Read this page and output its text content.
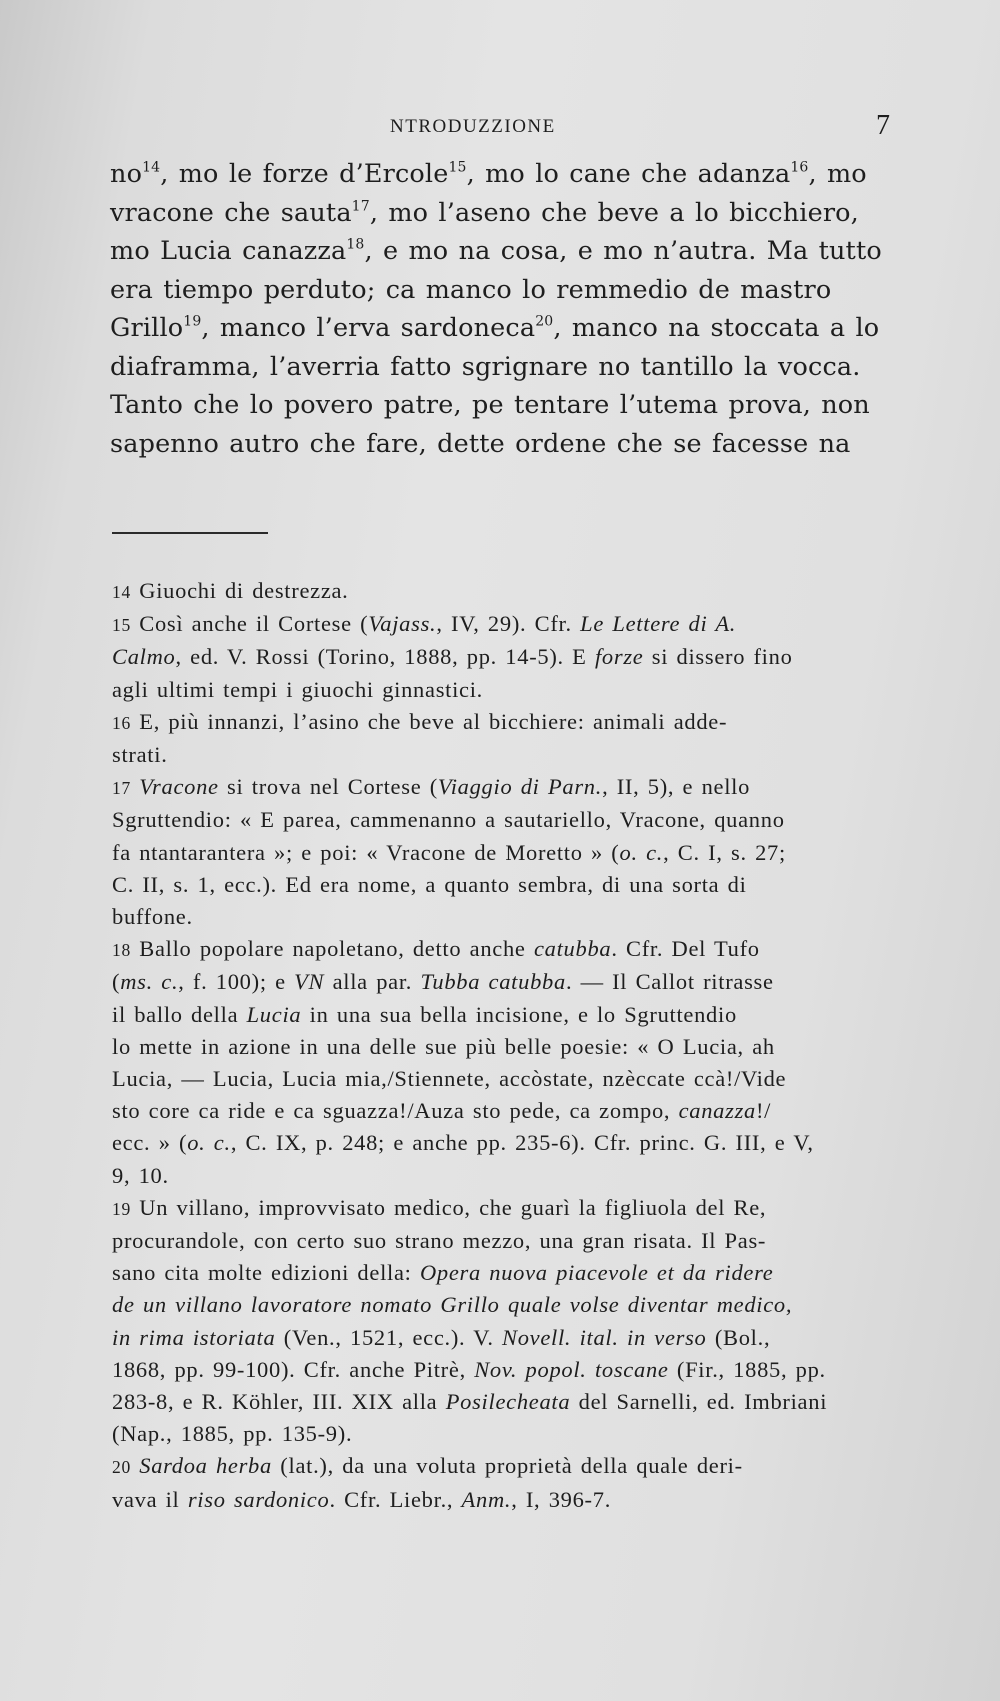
NTRODUZZIONE	7
$no^{14}$, mo le forze d’Ercole$^{15}$, mo lo cane che adanza$^{16}$, mo
vracone che sauta$^{17}$, mo l’aseno che beve a lo bicchiero,
mo Lucia canazza$^{18}$, e mo na cosa, e mo n’autra. Ma tutto
era tiempo perduto; ca manco lo remmedio de mastro
Grillo$^{19}$, manco l’erva sardoneca$^{20}$, manco na stoccata a lo
diaframma, l’averria fatto sgrignare no tantillo la vocca.
Tanto che lo povero patre, pe tentare l’utema prova, non
sapenno autro che fare, dette ordene che se facesse na
14 Giuochi di destrezza.
15 Così anche il Cortese (Vajass., IV, 29). Cfr. Le Lettere di A.
Calmo, ed. V. Rossi (Torino, 1888, pp. 14-5). E forze si dissero fino
agli ultimi tempi i giuochi ginnastici.
16 E, più innanzi, l’asino che beve al bicchiere: animali adde-
strati.
17 Vracone si trova nel Cortese (Viaggio di Parn., II, 5), e nello
Sgruttendio: « E parea, cammenanno a sautariello, Vracone, quanno
fa ntantarantera »; e poi: « Vracone de Moretto » (o. c., C. I, s. 27;
C. II, s. 1, ecc.). Ed era nome, a quanto sembra, di una sorta di
buffone.
18 Ballo popolare napoletano, detto anche catubba. Cfr. Del Tufo
(ms. c., f. 100); e VN alla par. Tubba catubba. — Il Callot ritrasse
il ballo della Lucia in una sua bella incisione, e lo Sgruttendio
lo mette in azione in una delle sue più belle poesie: « O Lucia, ah
Lucia, — Lucia, Lucia mia,/Stiennete, accòstate, nzèccate ccà!/Vide
sto core ca ride e ca sguazza!/Auza sto pede, ca zompo, canazza!/
ecc. » (o. c., C. IX, p. 248; e anche pp. 235-6). Cfr. princ. G. III, e V,
9, 10.
19 Un villano, improvvisato medico, che guarì la figliuola del Re,
procurandole, con certo suo strano mezzo, una gran risata. Il Pas-
sano cita molte edizioni della: Opera nuova piacevole et da ridere
de un villano lavoratore nomato Grillo quale volse diventar medico,
in rima istoriata (Ven., 1521, ecc.). V. Novell. ital. in verso (Bol.,
1868, pp. 99-100). Cfr. anche Pitrè, Nov. popol. toscane (Fir., 1885, pp.
283-8, e R. Köhler, III. XIX alla Posilecheata del Sarnelli, ed. Imbriani
(Nap., 1885, pp. 135-9).
20 Sardoa herba (lat.), da una voluta proprietà della quale deri-
vava il riso sardonico. Cfr. Liebr., Anm., I, 396-7.
